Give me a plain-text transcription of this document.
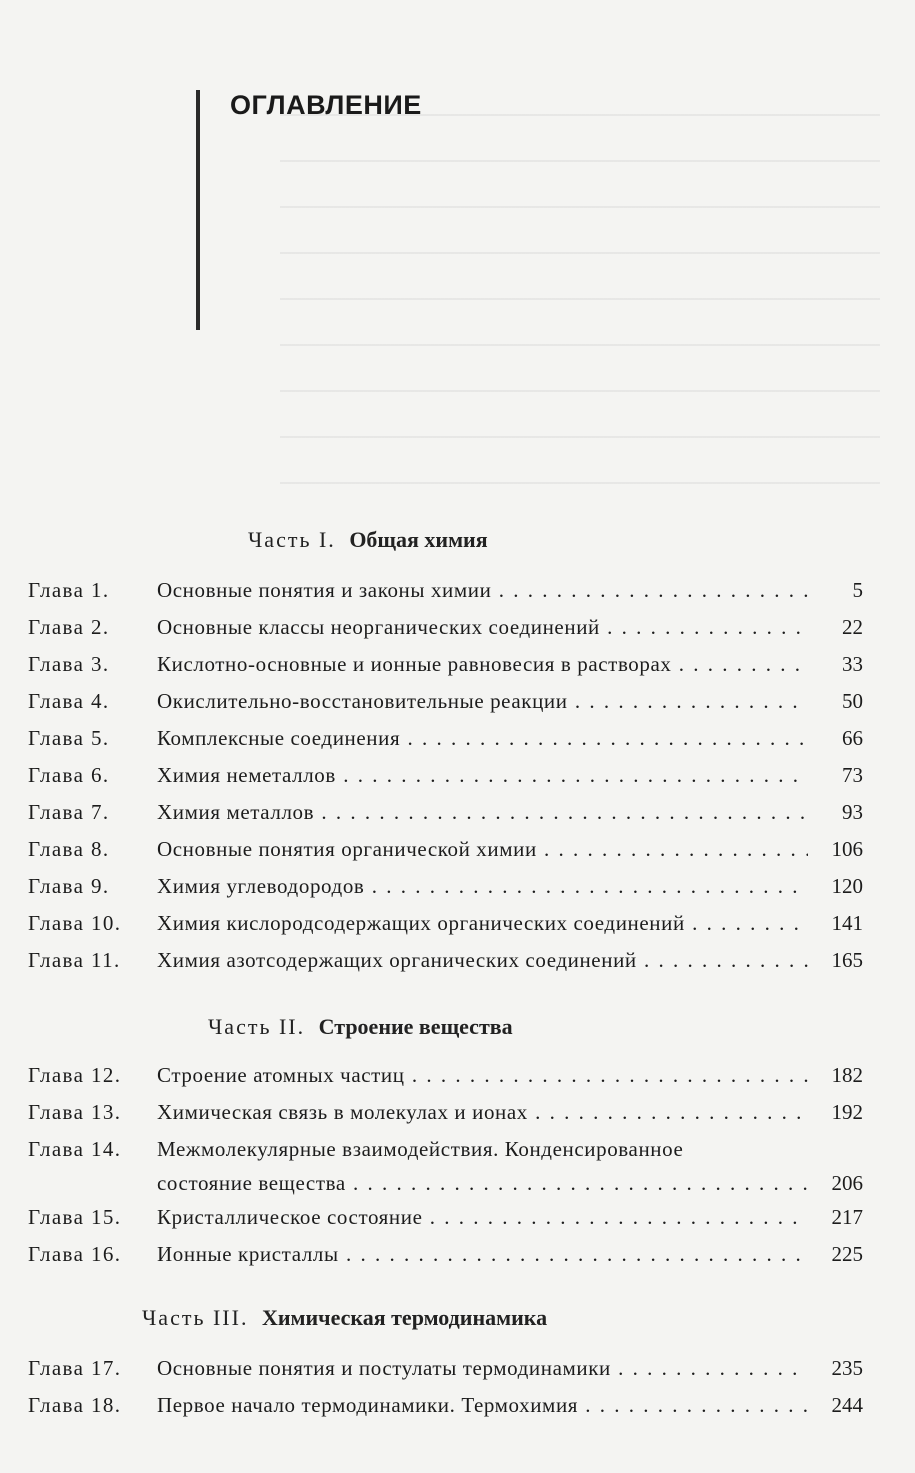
ОГЛАВЛЕНИЕ
Часть I. Общая химия
Глава 1. Основные понятия и законы химии . . .	5
Глава 2. Основные классы неорганических соединений . . .	22
Глава 3. Кислотно-основные и ионные равновесия в растворах . . .	33
Глава 4. Окислительно-восстановительные реакции . . .	50
Глава 5. Комплексные соединения . . .	66
Глава 6. Химия неметаллов . . .	73
Глава 7. Химия металлов . . .	93
Глава 8. Основные понятия органической химии . . .	106
Глава 9. Химия углеводородов . . .	120
Глава 10. Химия кислородсодержащих органических соединений . . .	141
Глава 11. Химия азотсодержащих органических соединений . . .	165
Часть II. Строение вещества
Глава 12. Строение атомных частиц . . .	182
Глава 13. Химическая связь в молекулах и ионах . . .	192
Глава 14. Межмолекулярные взаимодействия. Конденсированное
состояние вещества . . .	206
Глава 15. Кристаллическое состояние . . .	217
Глава 16. Ионные кристаллы . . .	225
Часть III. Химическая термодинамика
Глава 17. Основные понятия и постулаты термодинамики . . .	235
Глава 18. Первое начало термодинамики. Термохимия . . .	244
